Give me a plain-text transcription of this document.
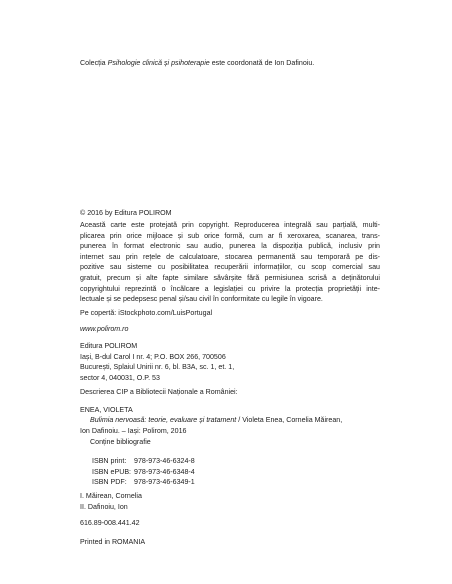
Colecția Psihologie clinică și psihoterapie este coordonată de Ion Dafinoiu.

© 2016 by Editura POLIROM

Această carte este protejată prin copyright. Reproducerea integrală sau parțială, multi-
plicarea prin orice mijloace și sub orice formă, cum ar fi xeroxarea, scanarea, trans-
punerea în format electronic sau audio, punerea la dispoziția publică, inclusiv prin
internet sau prin rețele de calculatoare, stocarea permanentă sau temporară pe dis-
pozitive sau sisteme cu posibilitatea recuperării informațiilor, cu scop comercial sau
gratuit, precum și alte fapte similare săvârșite fără permisiunea scrisă a deținătorului
copyrightului reprezintă o încălcare a legislației cu privire la protecția proprietății inte-
lectuale și se pedepsesc penal și/sau civil în conformitate cu legile în vigoare.

Pe copertă: iStockphoto.com/LuisPortugal

www.polirom.ro

Editura POLIROM
Iași, B-dul Carol I nr. 4; P.O. BOX 266, 700506
București, Splaiul Unirii nr. 6, bl. B3A, sc. 1, et. 1,
sector 4, 040031, O.P. 53

Descrierea CIP a Bibliotecii Naționale a României:

ENEA, VIOLETA

Bulimia nervoasă: teorie, evaluare și tratament / Violeta Enea, Cornelia Măirean,
Ion Dafinoiu. – Iași: Polirom, 2016

Conține bibliografie

ISBN print: 978-973-46-6324-8
ISBN ePUB: 978-973-46-6348-4
ISBN PDF: 978-973-46-6349-1
I. Măirean, Cornelia
II. Dafinoiu, Ion

616.89-008.441.42

Printed in ROMANIA
